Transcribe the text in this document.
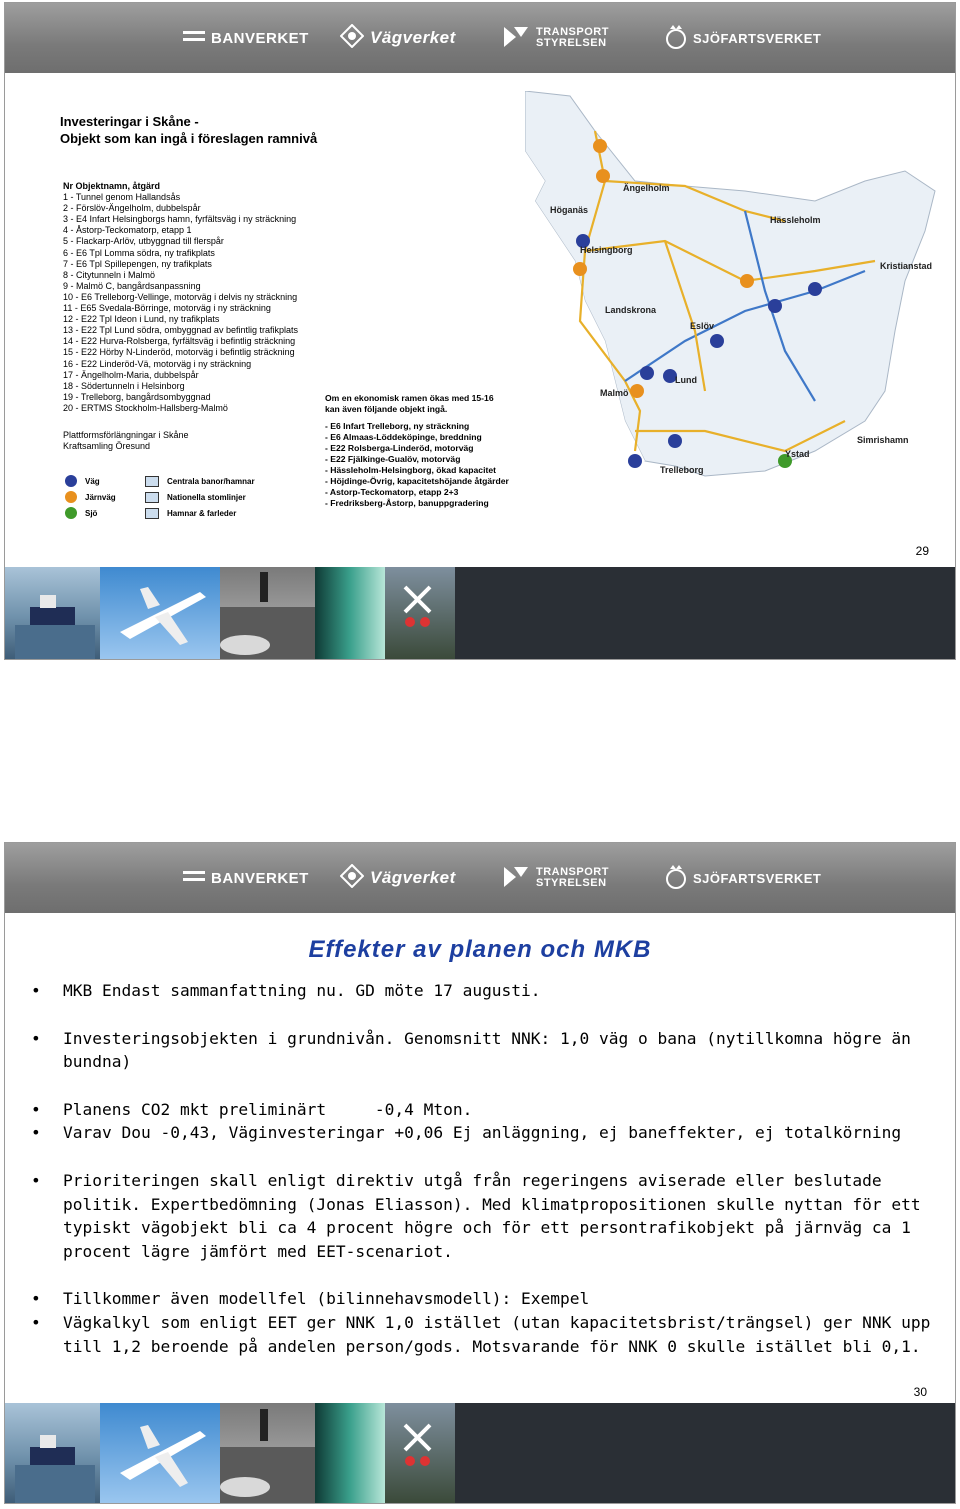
BANVERKET	Vägverket	TRANSPORT STYRELSEN	SJÖFARTSVERKET
Investeringar i Skåne -
Objekt som kan ingå i föreslagen ramnivå
Nr Objektnamn, åtgärd
1 - Tunnel genom Hallandsås
2 - Förslöv-Ängelholm, dubbelspår
3 - E4 Infart Helsingborgs hamn, fyrfältsväg i ny sträckning
4 - Åstorp-Teckomatorp, etapp 1
5 - Flackarp-Arlöv, utbyggnad till flerspår
6 - E6 Tpl Lomma södra, ny trafikplats
7 - E6 Tpl Spillepengen, ny trafikplats
8 - Citytunneln i Malmö
9 - Malmö C, bangårdsanpassning
10 - E6 Trelleborg-Vellinge, motorväg i delvis ny sträckning
11 - E65 Svedala-Börringe, motorväg i ny sträckning
12 - E22 Tpl Ideon i Lund, ny trafikplats
13 - E22 Tpl Lund södra, ombyggnad av befintlig trafikplats
14 - E22 Hurva-Rolsberga, fyrfältsväg i befintlig sträckning
15 - E22 Hörby N-Linderöd, motorväg i befintlig sträckning
16 - E22 Linderöd-Vä, motorväg i ny sträckning
17 - Ängelholm-Maria, dubbelspår
18 - Södertunneln i Helsinborg
19 - Trelleborg, bangårdsombyggnad
20 - ERTMS Stockholm-Hallsberg-Malmö
Plattformsförlängningar i Skåne
Kraftsamling Öresund
Väg	Centrala banor/hamnar
Järnväg	Nationella stomlinjer
Sjö	Hamnar & farleder
Höganäs
Ängelholm
Hässleholm
Helsingborg
Kristianstad
Landskrona
Eslöv
Lund
Malmö
Simrishamn
Ystad
Trelleborg
Om en ekonomisk ramen ökas med 15-16
kan även följande objekt ingå.
- E6 Infart Trelleborg, ny sträckning
- E6 Almaas-Löddeköpinge, breddning
- E22 Rolsberga-Linderöd, motorväg
- E22 Fjälkinge-Gualöv, motorväg
- Hässleholm-Helsingborg, ökad kapacitet
- Höjdinge-Övrig, kapacitetshöjande åtgärder
- Astorp-Teckomatorp, etapp 2+3
- Fredriksberg-Åstorp, banuppgradering
29
BANVERKET	Vägverket	TRANSPORT STYRELSEN	SJÖFARTSVERKET
Effekter av planen och MKB
• MKB Endast sammanfattning nu. GD möte 17 augusti.
• Investeringsobjekten i grundnivån. Genomsnitt NNK: 1,0 väg o bana (nytillkomna högre än bundna)
• Planens CO2 mkt preliminärt     -0,4 Mton.
• Varav Dou -0,43, Väginvesteringar +0,06 Ej anläggning, ej baneffekter, ej totalkörning
• Prioriteringen skall enligt direktiv utgå från regeringens aviserade eller beslutade politik. Expertbedömning (Jonas Eliasson). Med klimatpropositionen skulle nyttan för ett typiskt vägobjekt bli ca 4 procent högre och för ett persontrafikobjekt på järnväg ca 1 procent lägre jämfört med EET-scenariot.
• Tillkommer även modellfel (bilinnehavsmodell): Exempel
• Vägkalkyl som enligt EET ger NNK 1,0 istället (utan kapacitetsbrist/trängsel) ger NNK upp till 1,2 beroende på andelen person/gods. Motsvarande för NNK 0 skulle istället bli 0,1.
30
